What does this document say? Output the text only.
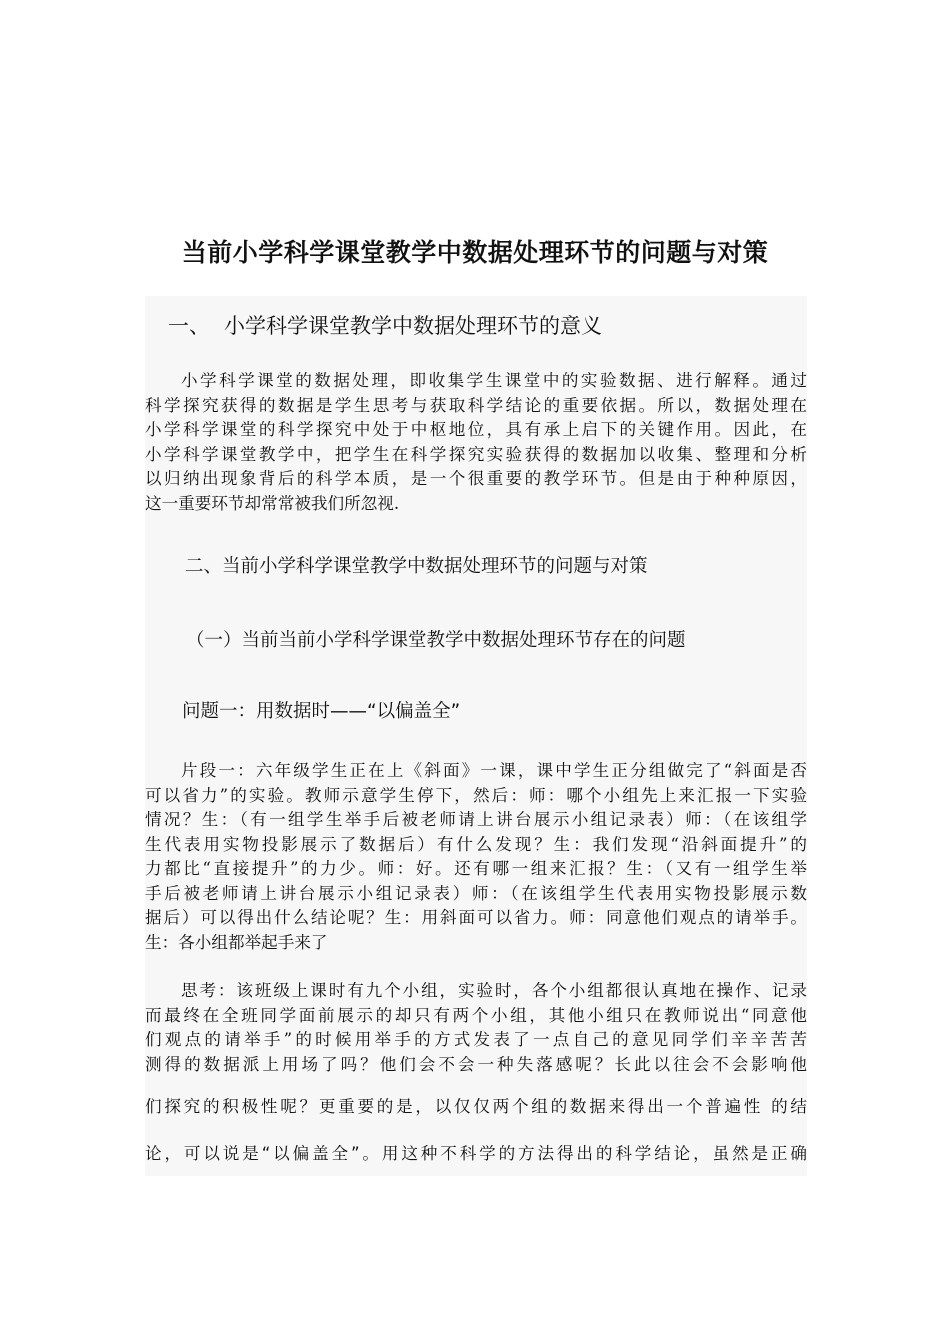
当前小学科学课堂教学中数据处理环节的问题与对策
一、 小学科学课堂教学中数据处理环节的意义
小学科学课堂的数据处理，即收集学生课堂中的实验数据、进行解释。通过
科学探究获得的数据是学生思考与获取科学结论的重要依据。所以，数据处理在
小学科学课堂的科学探究中处于中枢地位，具有承上启下的关键作用。因此，在
小学科学课堂教学中，把学生在科学探究实验获得的数据加以收集、整理和分析
以归纳出现象背后的科学本质，是一个很重要的教学环节。但是由于种种原因，
这一重要环节却常常被我们所忽视.
二、当前小学科学课堂教学中数据处理环节的问题与对策
（一）当前当前小学科学课堂教学中数据处理环节存在的问题
问题一：用数据时——“以偏盖全”
片段一：六年级学生正在上《斜面》一课，课中学生正分组做完了“斜面是否
可以省力”的实验。教师示意学生停下，然后：师：哪个小组先上来汇报一下实验
情况？生：（有一组学生举手后被老师请上讲台展示小组记录表）师：（在该组学
生代表用实物投影展示了数据后）有什么发现？生：我们发现“沿斜面提升”的
力都比“直接提升”的力少。师：好。还有哪一组来汇报？生：（又有一组学生举
手后被老师请上讲台展示小组记录表）师：（在该组学生代表用实物投影展示数
据后）可以得出什么结论呢？生：用斜面可以省力。师：同意他们观点的请举手。
生：各小组都举起手来了
思考：该班级上课时有九个小组，实验时，各个小组都很认真地在操作、记录
而最终在全班同学面前展示的却只有两个小组，其他小组只在教师说出“同意他
们观点的请举手”的时候用举手的方式发表了一点自己的意见同学们辛辛苦苦
测得的数据派上用场了吗？他们会不会一种失落感呢？长此以往会不会影响他
们探究的积极性呢？更重要的是，以仅仅两个组的数据来得出一个普遍性 的结
论，可以说是“以偏盖全”。用这种不科学的方法得出的科学结论，虽然是正确
